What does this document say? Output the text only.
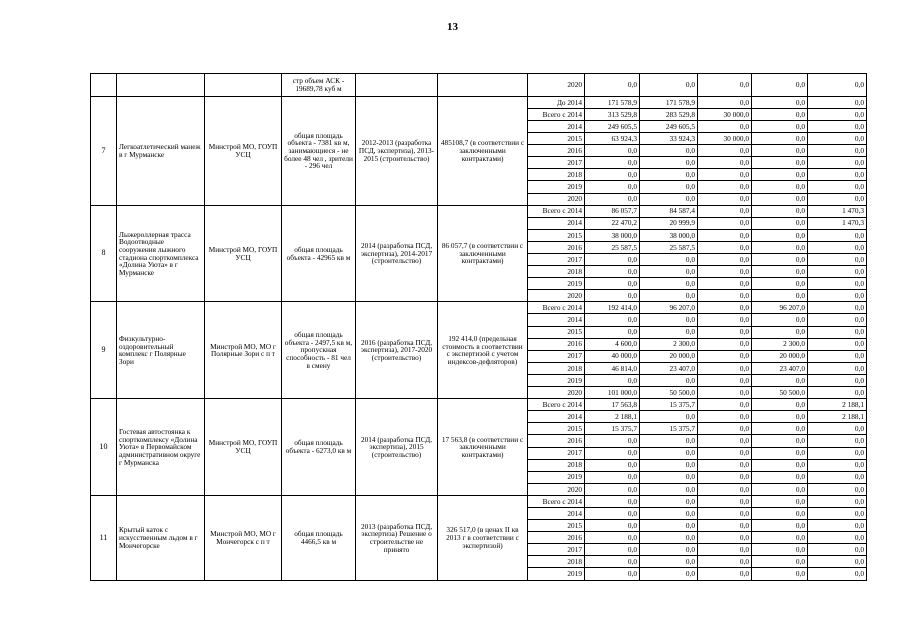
13
			стр объем АСК - 19689,78 куб м			2020	0,0	0,0	0,0	0,0	0,0
7	Легкоатлетический манеж в г Мурманске	Минстрой МО, ГОУП УСЦ	общая площадь объекта - 7381 кв м, занимающиеся - не более 48 чел , зрители - 296 чел	2012-2013 (разработка ПСД, экспертиза), 2013-2015 (строительство)	485108,7 (в соответствии с заключенными контрактами)	До 2014	171 578,9	171 578,9	0,0	0,0	0,0
						Всего с 2014	313 529,8	283 529,8	30 000,0	0,0	0,0
						2014	249 605,5	249 605,5	0,0	0,0	0,0
						2015	63 924,3	33 924,3	30 000,0	0,0	0,0
						2016	0,0	0,0	0,0	0,0	0,0
						2017	0,0	0,0	0,0	0,0	0,0
						2018	0,0	0,0	0,0	0,0	0,0
						2019	0,0	0,0	0,0	0,0	0,0
						2020	0,0	0,0	0,0	0,0	0,0
8	Лыжероллерная трасса Водоотводные сооружения лыжного стадиона спорткомплекса «Долина Уюта» в г Мурманске	Минстрой МО, ГОУП УСЦ	общая площадь объекта - 42965 кв м	2014 (разработка ПСД, экспертиза), 2014-2017 (строительство)	86 057,7 (в соответствии с заключенными контрактами)	Всего с 2014	86 057,7	84 587,4	0,0	0,0	1 470,3
						2014	22 470,2	20 999,9	0,0	0,0	1 470,3
						2015	38 000,0	38 000,0	0,0	0,0	0,0
						2016	25 587,5	25 587,5	0,0	0,0	0,0
						2017	0,0	0,0	0,0	0,0	0,0
						2018	0,0	0,0	0,0	0,0	0,0
						2019	0,0	0,0	0,0	0,0	0,0
						2020	0,0	0,0	0,0	0,0	0,0
9	Физкультурно-оздоровительный комплекс г Полярные Зори	Минстрой МО, МО г Полярные Зори с п т	общая площадь объекта - 2497,5 кв м, пропускная способность - 81 чел в смену	2016 (разработка ПСД, экспертиза), 2017-2020 (строительство)	192 414,0 (предельная стоимость в соответствии с экспертизой с учетом индексов-дефляторов)	Всего с 2014	192 414,0	96 207,0	0,0	96 207,0	0,0
						2014	0,0	0,0	0,0	0,0	0,0
						2015	0,0	0,0	0,0	0,0	0,0
						2016	4 600,0	2 300,0	0,0	2 300,0	0,0
						2017	40 000,0	20 000,0	0,0	20 000,0	0,0
						2018	46 814,0	23 407,0	0,0	23 407,0	0,0
						2019	0,0	0,0	0,0	0,0	0,0
						2020	101 000,0	50 500,0	0,0	50 500,0	0,0
10	Гостевая автостоянка к спорткомплексу «Долина Уюта» в Первомайском административном округе г Мурманска	Минстрой МО, ГОУП УСЦ	общая площадь объекта - 6273,0 кв м	2014 (разработка ПСД, экспертиза), 2015 (строительство)	17 563,8 (в соответствии с заключенными контрактами)	Всего с 2014	17 563,8	15 375,7	0,0	0,0	2 188,1
						2014	2 188,1	0,0	0,0	0,0	2 188,1
						2015	15 375,7	15 375,7	0,0	0,0	0,0
						2016	0,0	0,0	0,0	0,0	0,0
						2017	0,0	0,0	0,0	0,0	0,0
						2018	0,0	0,0	0,0	0,0	0,0
						2019	0,0	0,0	0,0	0,0	0,0
						2020	0,0	0,0	0,0	0,0	0,0
11	Крытый каток с искусственным льдом в г Мончегорске	Минстрой МО, МО г Мончегорск с п т	общая площадь 4466,5 кв м	2013 (разработка ПСД, экспертиза) Решение о строительстве не принято	326 517,0 (в ценах II кв 2013 г в соответствии с экспертизой)	Всего с 2014	0,0	0,0	0,0	0,0	0,0
						2014	0,0	0,0	0,0	0,0	0,0
						2015	0,0	0,0	0,0	0,0	0,0
						2016	0,0	0,0	0,0	0,0	0,0
						2017	0,0	0,0	0,0	0,0	0,0
						2018	0,0	0,0	0,0	0,0	0,0
						2019	0,0	0,0	0,0	0,0	0,0
